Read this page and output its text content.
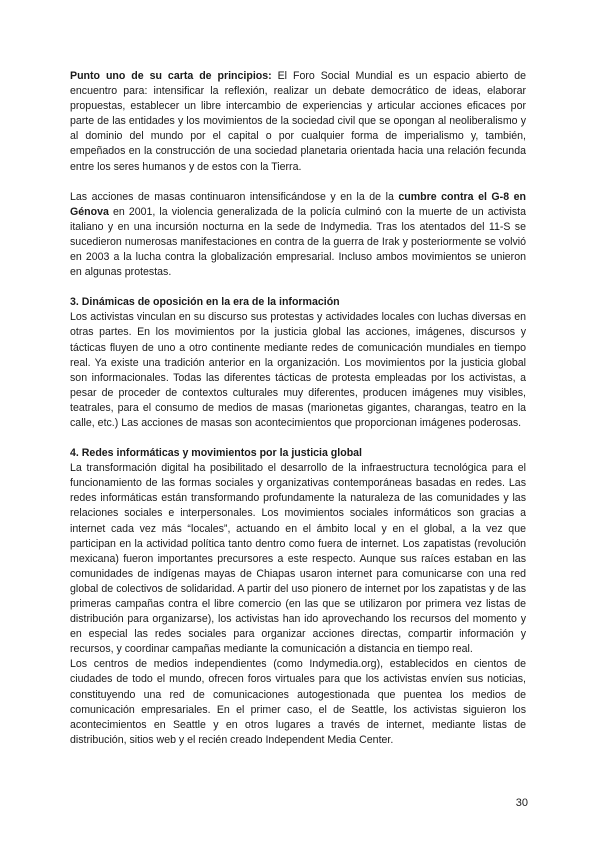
Punto uno de su carta de principios: El Foro Social Mundial es un espacio abierto de encuentro para: intensificar la reflexión, realizar un debate democrático de ideas, elaborar propuestas, establecer un libre intercambio de experiencias y articular acciones eficaces por parte de las entidades y los movimientos de la sociedad civil que se opongan al neoliberalismo y al dominio del mundo por el capital o por cualquier forma de imperialismo y, también, empeñados en la construcción de una sociedad planetaria orientada hacia una relación fecunda entre los seres humanos y de estos con la Tierra.

Las acciones de masas continuaron intensificándose y en la de la cumbre contra el G-8 en Génova en 2001, la violencia generalizada de la policía culminó con la muerte de un activista italiano y en una incursión nocturna en la sede de Indymedia. Tras los atentados del 11-S se sucedieron numerosas manifestaciones en contra de la guerra de Irak y posteriormente se volvió en 2003 a la lucha contra la globalización empresarial. Incluso ambos movimientos se unieron en algunas protestas.

3. Dinámicas de oposición en la era de la información

Los activistas vinculan en su discurso sus protestas y actividades locales con luchas diversas en otras partes. En los movimientos por la justicia global las acciones, imágenes, discursos y tácticas fluyen de uno a otro continente mediante redes de comunicación mundiales en tiempo real. Ya existe una tradición anterior en la organización. Los movimientos por la justicia global son informacionales. Todas las diferentes tácticas de protesta empleadas por los activistas, a pesar de proceder de contextos culturales muy diferentes, producen imágenes muy visibles, teatrales, para el consumo de medios de masas (marionetas gigantes, charangas, teatro en la calle, etc.) Las acciones de masas son acontecimientos que proporcionan imágenes poderosas.

4. Redes informáticas y movimientos por la justicia global

La transformación digital ha posibilitado el desarrollo de la infraestructura tecnológica para el funcionamiento de las formas sociales y organizativas contemporáneas basadas en redes. Las redes informáticas están transformando profundamente la naturaleza de las comunidades y las relaciones sociales e interpersonales. Los movimientos sociales informáticos son gracias a internet cada vez más “locales”, actuando en el ámbito local y en el global, a la vez que participan en la actividad política tanto dentro como fuera de internet. Los zapatistas (revolución mexicana) fueron importantes precursores a este respecto. Aunque sus raíces estaban en las comunidades de indígenas mayas de Chiapas usaron internet para comunicarse con una red global de colectivos de solidaridad. A partir del uso pionero de internet por los zapatistas y de las primeras campañas contra el libre comercio (en las que se utilizaron por primera vez listas de distribución para organizarse), los activistas han ido aprovechando los recursos del momento y en especial las redes sociales para organizar acciones directas, compartir información y recursos, y coordinar campañas mediante la comunicación a distancia en tiempo real.

Los centros de medios independientes (como Indymedia.org), establecidos en cientos de ciudades de todo el mundo, ofrecen foros virtuales para que los activistas envíen sus noticias, constituyendo una red de comunicaciones autogestionada que puentea los medios de comunicación empresariales. En el primer caso, el de Seattle, los activistas siguieron los acontecimientos en Seattle y en otros lugares a través de internet, mediante listas de distribución, sitios web y el recién creado Independent Media Center.

30
